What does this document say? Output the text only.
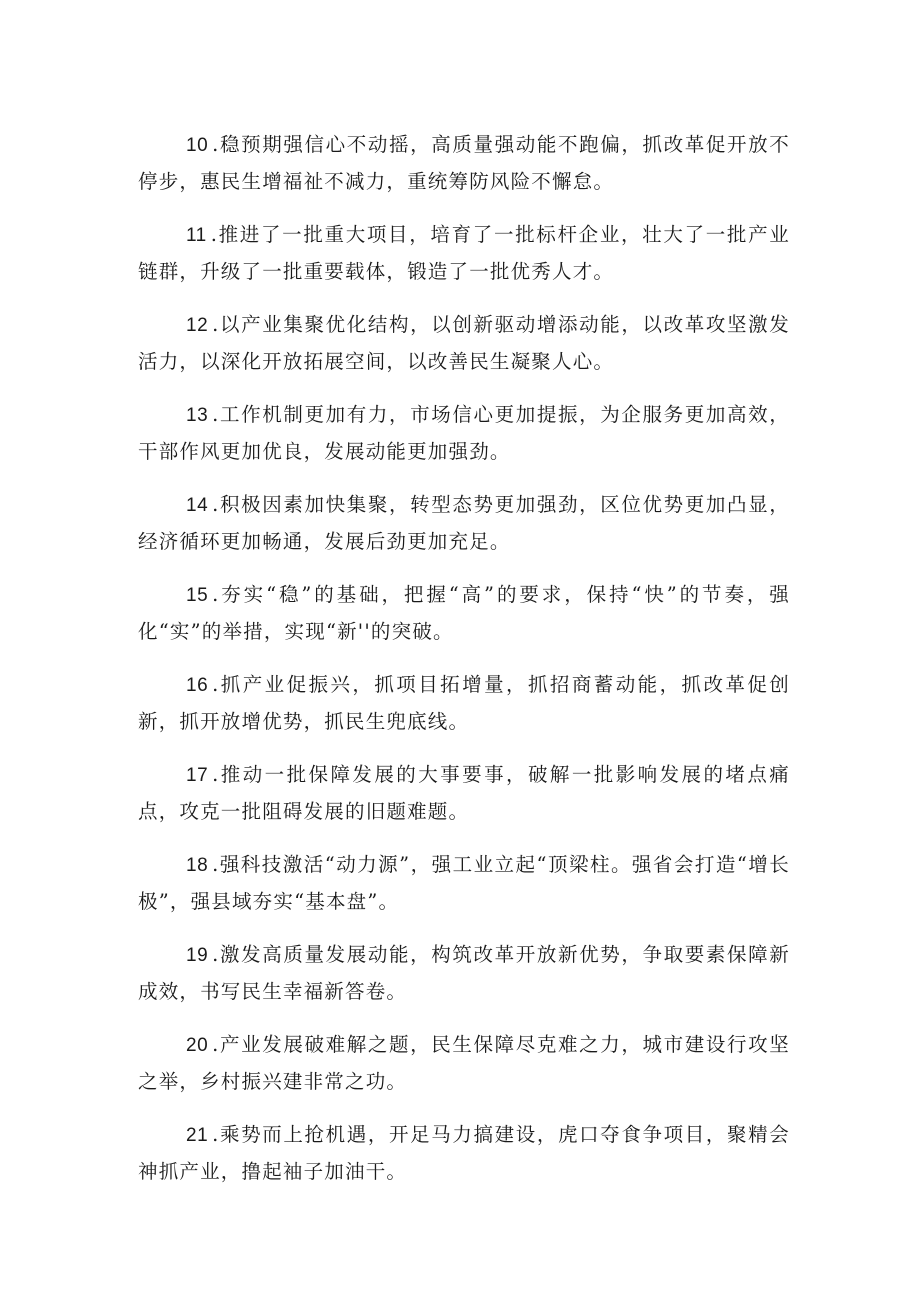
10 .稳预期强信心不动摇，高质量强动能不跑偏，抓改革促开放不停步，惠民生增福祉不减力，重统筹防风险不懈怠。

11 .推进了一批重大项目，培育了一批标杆企业，壮大了一批产业链群，升级了一批重要载体，锻造了一批优秀人才。

12 .以产业集聚优化结构，以创新驱动增添动能，以改革攻坚激发活力，以深化开放拓展空间，以改善民生凝聚人心。

13 .工作机制更加有力，市场信心更加提振，为企服务更加高效，干部作风更加优良，发展动能更加强劲。

14 .积极因素加快集聚，转型态势更加强劲，区位优势更加凸显，经济循环更加畅通，发展后劲更加充足。

15 .夯实“稳”的基础，把握“高”的要求，保持“快”的节奏，强化“实”的举措，实现“新''的突破。

16 .抓产业促振兴，抓项目拓增量，抓招商蓄动能，抓改革促创新，抓开放增优势，抓民生兜底线。

17 .推动一批保障发展的大事要事，破解一批影响发展的堵点痛点，攻克一批阻碍发展的旧题难题。

18 .强科技激活“动力源”，强工业立起“顶梁柱。强省会打造“增长极”，强县域夯实“基本盘”。

19 .激发高质量发展动能，构筑改革开放新优势，争取要素保障新成效，书写民生幸福新答卷。

20 .产业发展破难解之题，民生保障尽克难之力，城市建设行攻坚之举，乡村振兴建非常之功。

21 .乘势而上抢机遇，开足马力搞建设，虎口夺食争项目，聚精会神抓产业，撸起袖子加油干。
